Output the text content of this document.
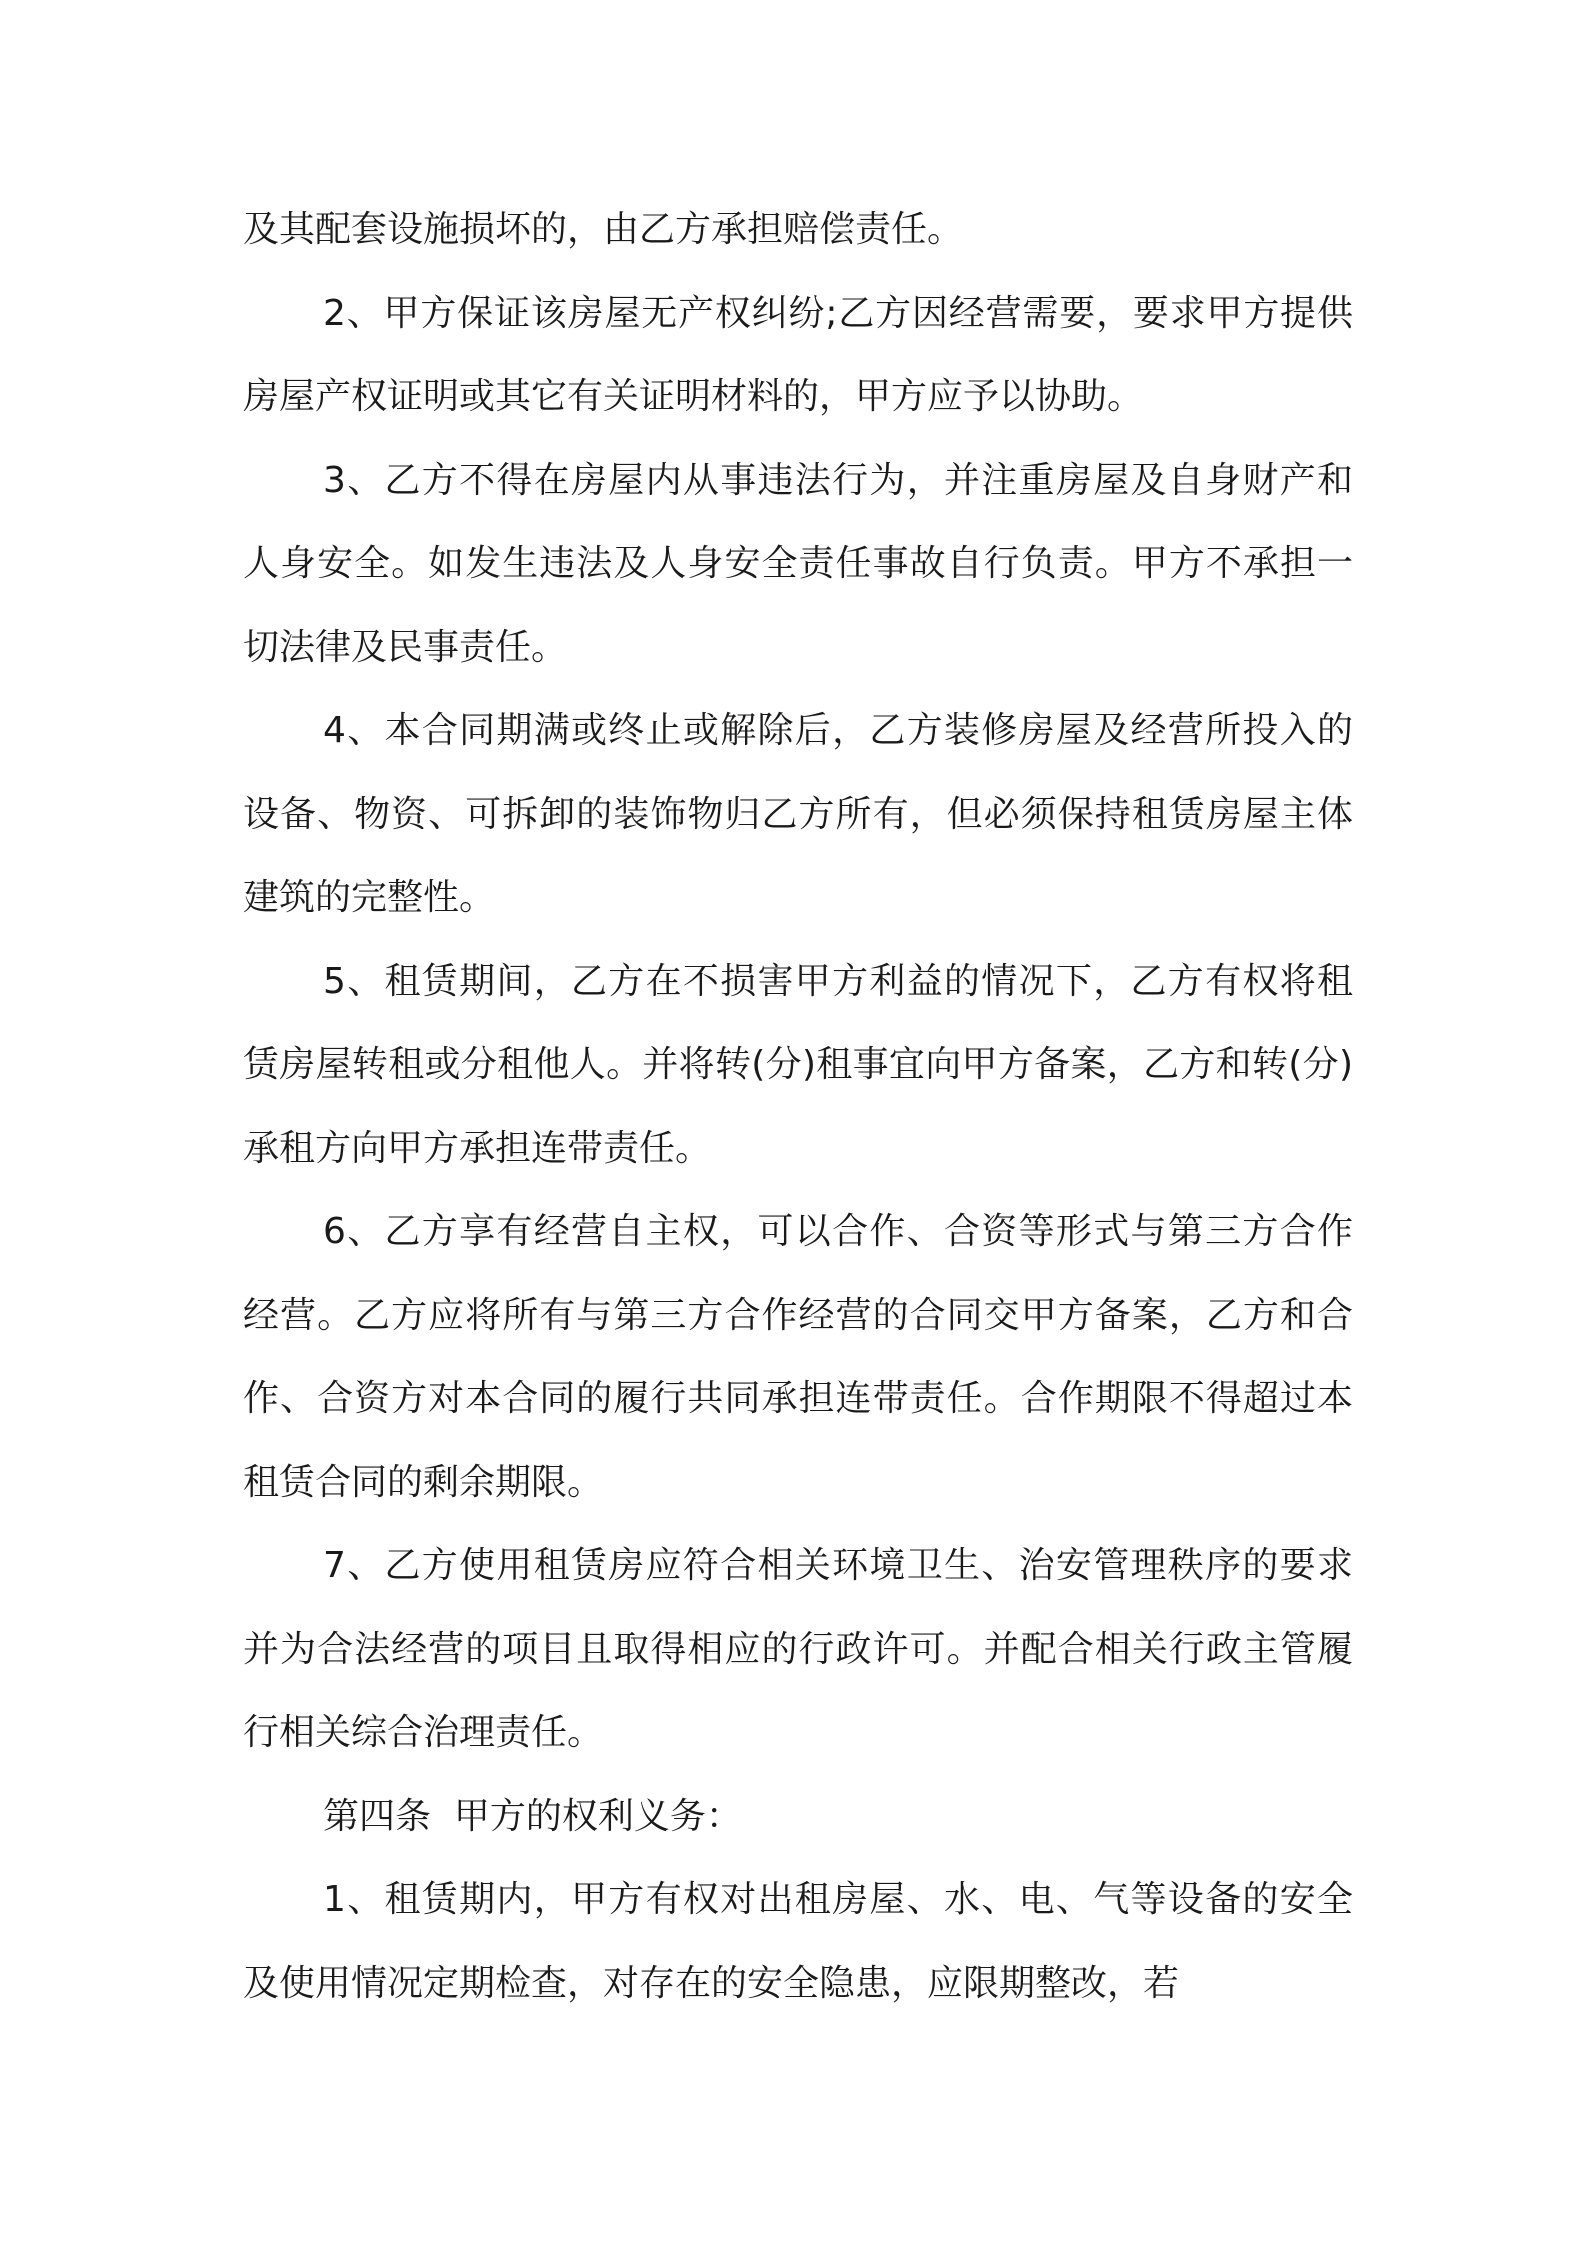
及其配套设施损坏的，由乙方承担赔偿责任。

2、甲方保证该房屋无产权纠纷;乙方因经营需要，要求甲方提供房屋产权证明或其它有关证明材料的，甲方应予以协助。

3、乙方不得在房屋内从事违法行为，并注重房屋及自身财产和人身安全。如发生违法及人身安全责任事故自行负责。甲方不承担一切法律及民事责任。

4、本合同期满或终止或解除后，乙方装修房屋及经营所投入的设备、物资、可拆卸的装饰物归乙方所有，但必须保持租赁房屋主体建筑的完整性。

5、租赁期间，乙方在不损害甲方利益的情况下，乙方有权将租赁房屋转租或分租他人。并将转(分)租事宜向甲方备案，乙方和转(分)承租方向甲方承担连带责任。

6、乙方享有经营自主权，可以合作、合资等形式与第三方合作经营。乙方应将所有与第三方合作经营的合同交甲方备案，乙方和合作、合资方对本合同的履行共同承担连带责任。合作期限不得超过本租赁合同的剩余期限。

7、乙方使用租赁房应符合相关环境卫生、治安管理秩序的要求并为合法经营的项目且取得相应的行政许可。并配合相关行政主管履行相关综合治理责任。

第四条  甲方的权利义务：

1、租赁期内，甲方有权对出租房屋、水、电、气等设备的安全及使用情况定期检查，对存在的安全隐患，应限期整改，若
